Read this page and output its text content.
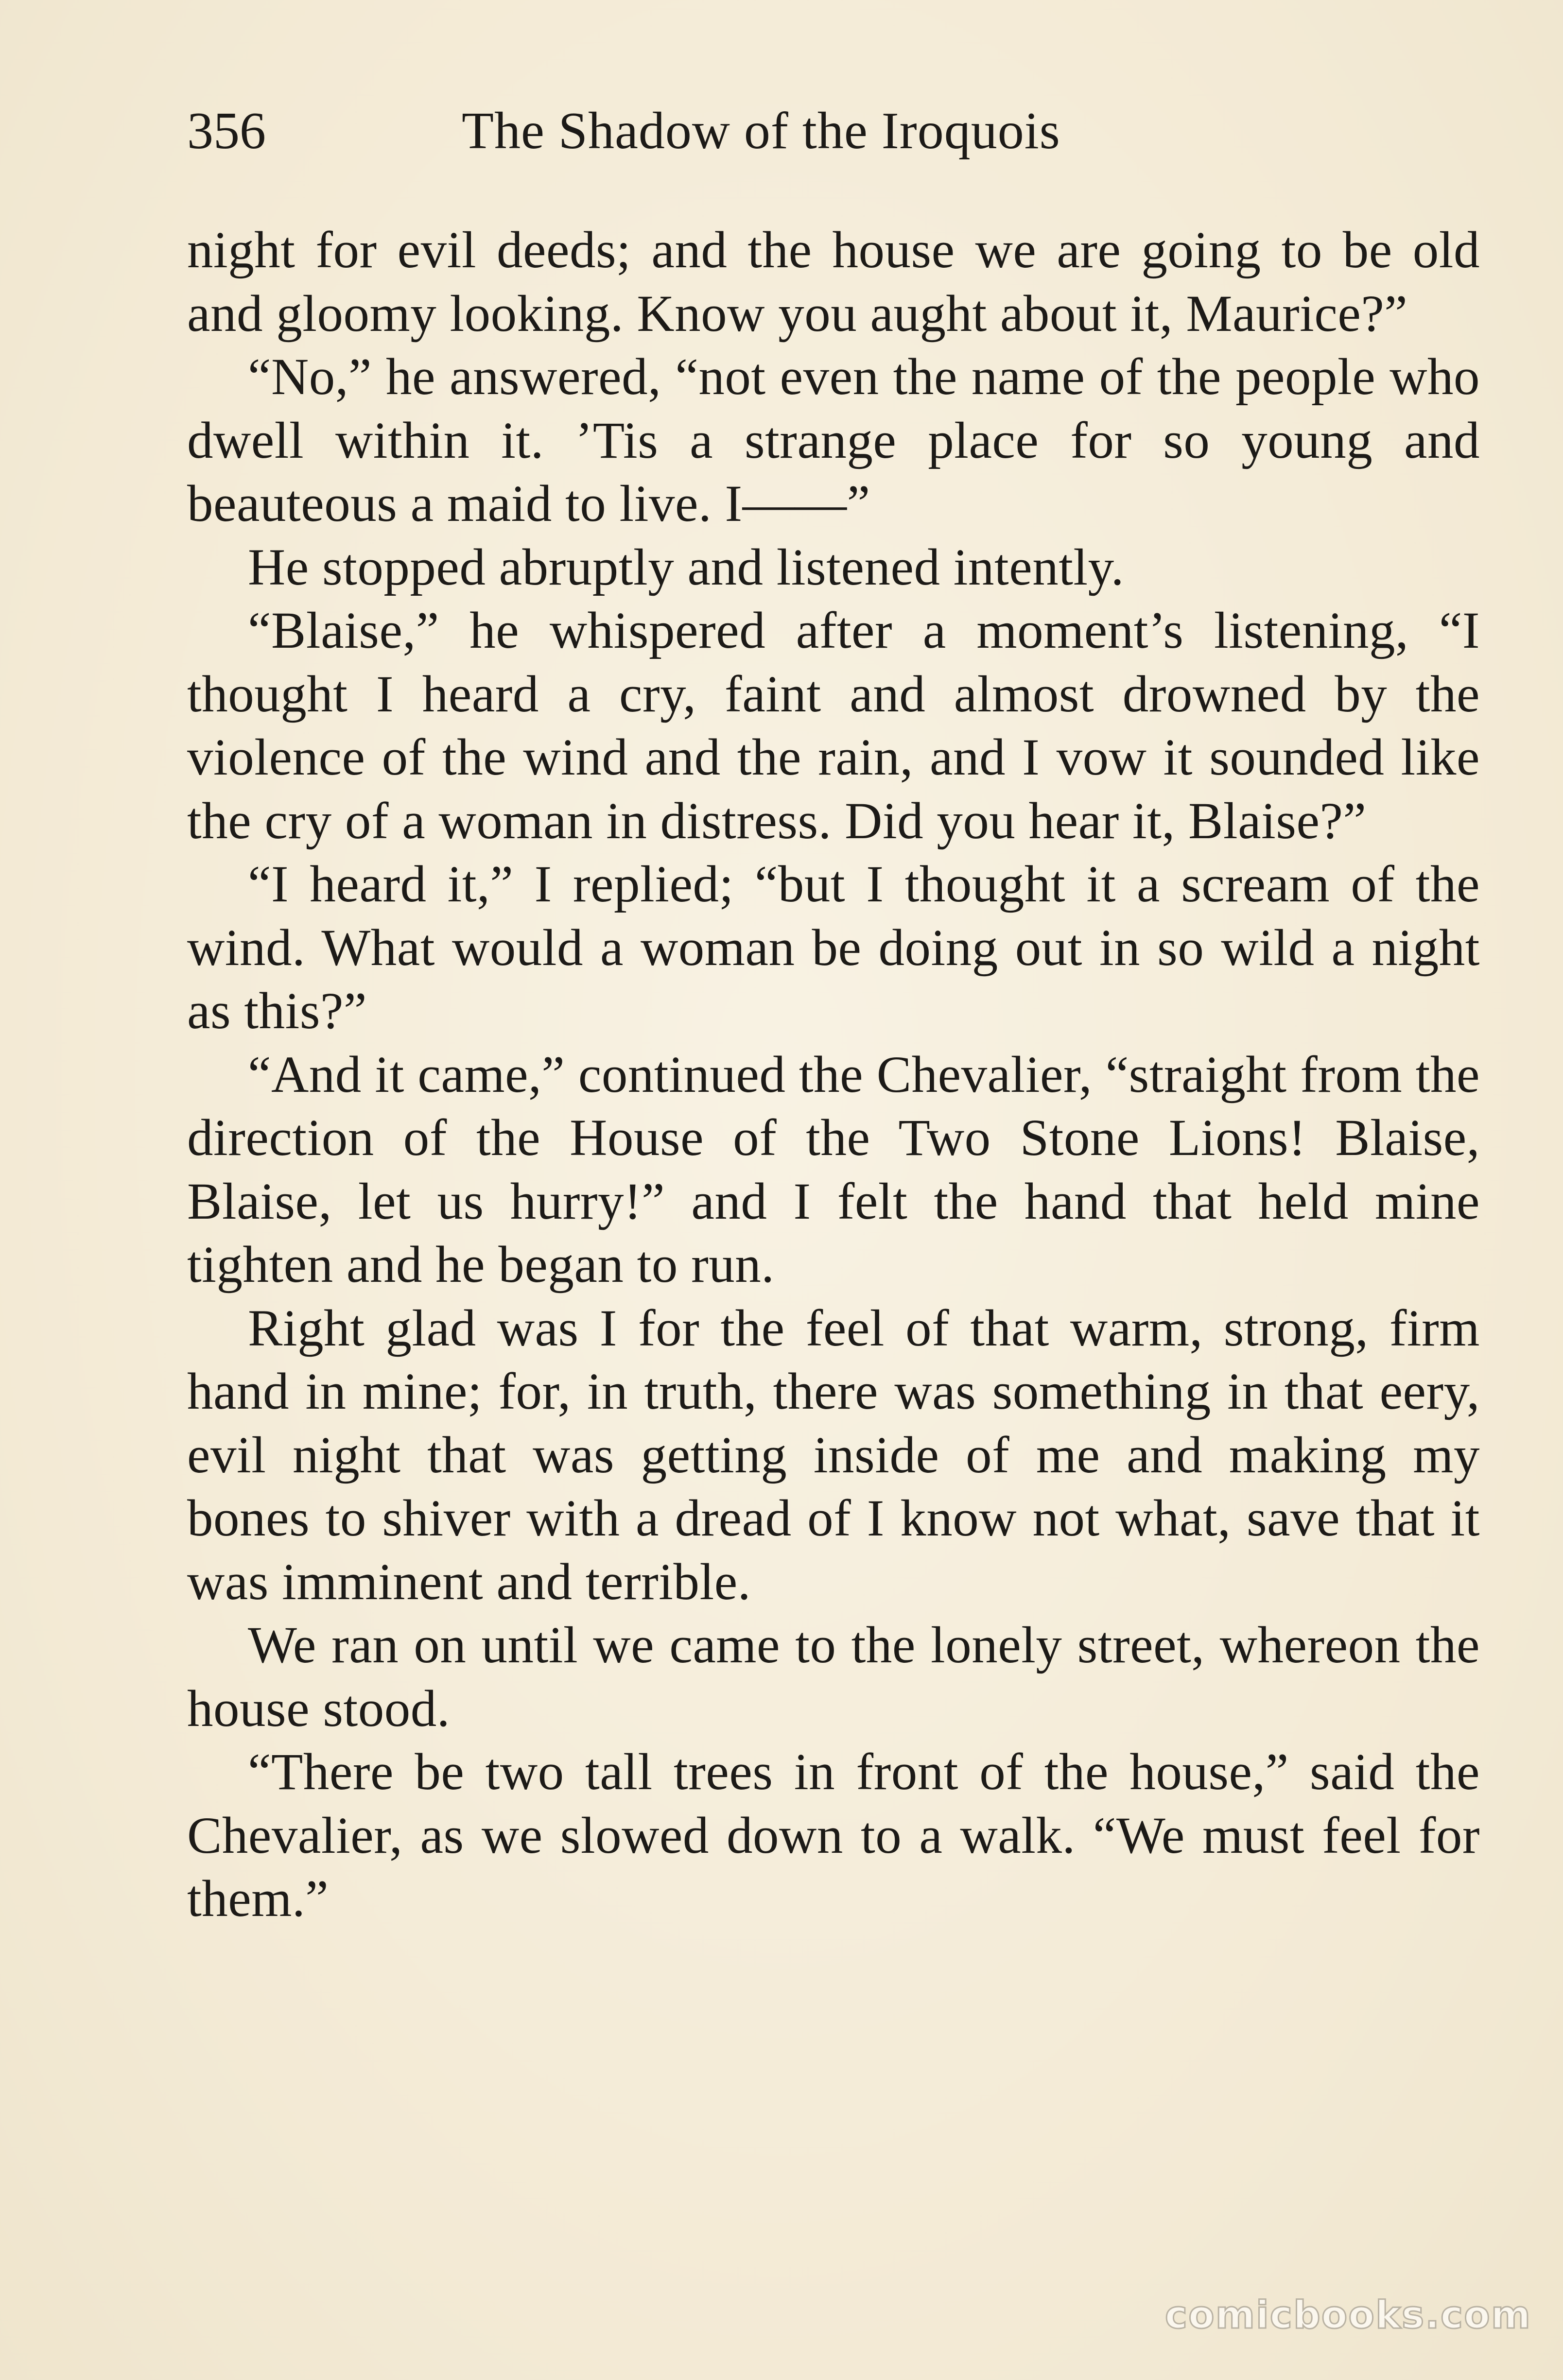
356	The Shadow of the Iroquois

night for evil deeds; and the house we are going to be old and gloomy looking. Know you aught about it, Maurice?”

“No,” he answered, “not even the name of the people who dwell within it. ’Tis a strange place for so young and beauteous a maid to live. I——”

He stopped abruptly and listened intently.

“Blaise,” he whispered after a moment’s listening, “I thought I heard a cry, faint and almost drowned by the violence of the wind and the rain, and I vow it sounded like the cry of a woman in distress. Did you hear it, Blaise?”

“I heard it,” I replied; “but I thought it a scream of the wind. What would a woman be doing out in so wild a night as this?”

“And it came,” continued the Chevalier, “straight from the direction of the House of the Two Stone Lions! Blaise, Blaise, let us hurry!” and I felt the hand that held mine tighten and he began to run.

Right glad was I for the feel of that warm, strong, firm hand in mine; for, in truth, there was something in that eery, evil night that was getting inside of me and making my bones to shiver with a dread of I know not what, save that it was imminent and terrible.

We ran on until we came to the lonely street, whereon the house stood.

“There be two tall trees in front of the house,” said the Chevalier, as we slowed down to a walk. “We must feel for them.”

comicbooks.com
